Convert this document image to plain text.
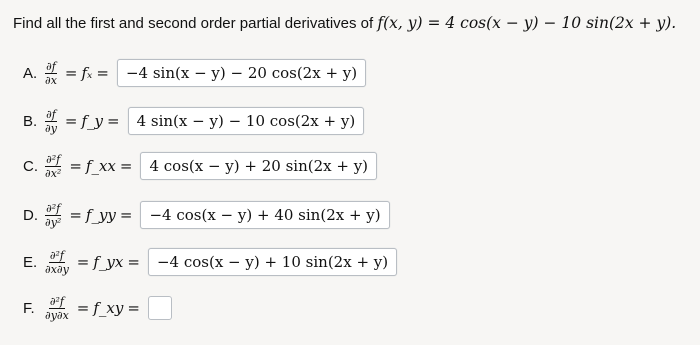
Find all the first and second order partial derivatives of f(x, y) = 4 cos(x − y) − 10 sin(2x + y).
A. $\frac{\partial f}{\partial x} = f_x$ =	−4 sin(x − y) − 20 cos(2x + y)
B. $\frac{\partial f}{\partial y}$ = f_y =	4 sin(x − y) − 10 cos(2x + y)
C. $\frac{\text{∂²f}}{\text{∂x²}}$ = f_xx =	4 cos(x − y) + 20 sin(2x + y)
D. $\frac{\text{∂²f}}{\text{∂y²}}$ = f_yy =	−4 cos(x − y) + 40 sin(2x + y)
E. $\frac{\text{∂²f}}{\partial x\partial y}$ = f_yx =	−4 cos(x − y) + 10 sin(2x + y)
F. $\frac{\text{∂²f}}{\partial y\partial x}$ = f_xy =
